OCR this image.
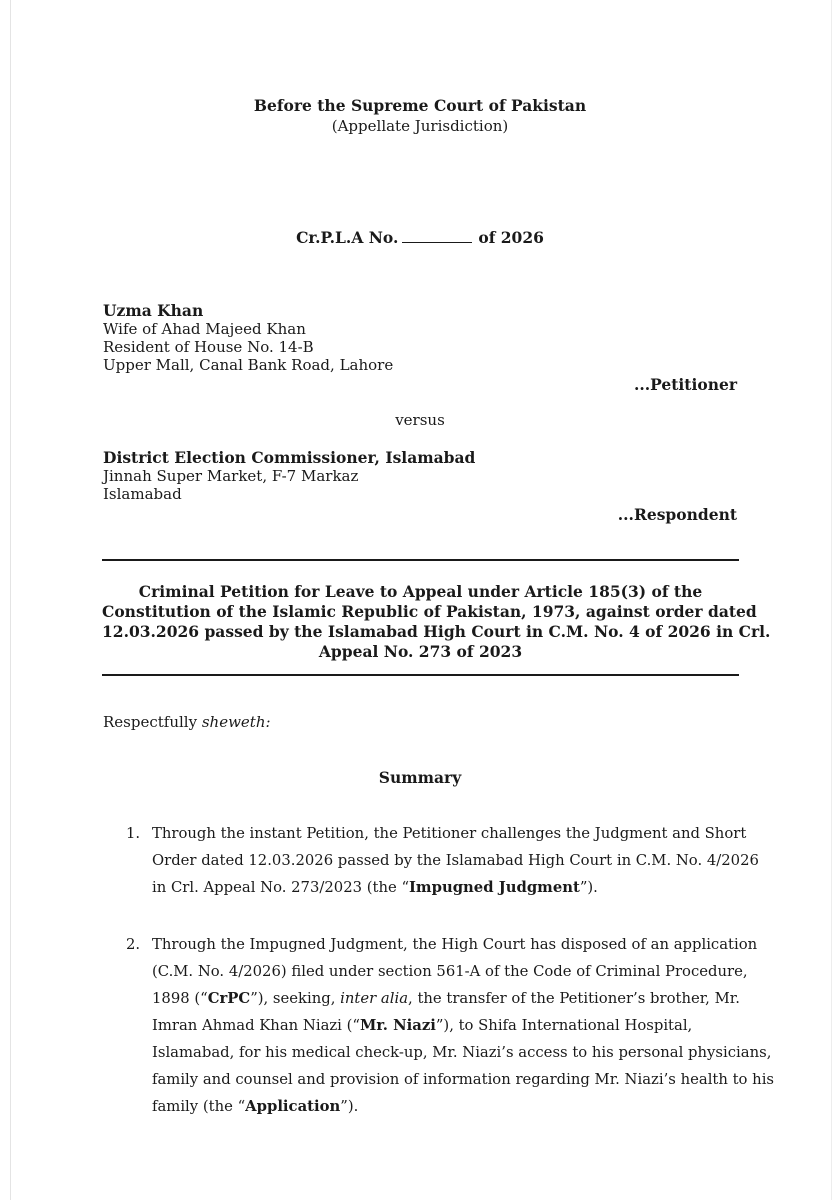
Before the Supreme Court of Pakistan
(Appellate Jurisdiction)
Cr.P.L.A No.	of 2026
Uzma Khan
Wife of Ahad Majeed Khan
Resident of House No. 14-B
Upper Mall, Canal Bank Road, Lahore
...Petitioner
versus
District Election Commissioner, Islamabad
Jinnah Super Market, F-7 Markaz
Islamabad
...Respondent
Criminal Petition for Leave to Appeal under Article 185(3) of the
Constitution of the Islamic Republic of Pakistan, 1973, against order dated
12.03.2026 passed by the Islamabad High Court in C.M. No. 4 of 2026 in Crl.
Appeal No. 273 of 2023
Respectfully sheweth:
Summary
1. Through the instant Petition, the Petitioner challenges the Judgment and Short
Order dated 12.03.2026 passed by the Islamabad High Court in C.M. No. 4/2026
in Crl. Appeal No. 273/2023 (the “Impugned Judgment”).
2. Through the Impugned Judgment, the High Court has disposed of an application
(C.M. No. 4/2026) filed under section 561-A of the Code of Criminal Procedure,
1898 (“CrPC”), seeking, inter alia, the transfer of the Petitioner’s brother, Mr.
Imran Ahmad Khan Niazi (“Mr. Niazi”), to Shifa International Hospital,
Islamabad, for his medical check-up, Mr. Niazi’s access to his personal physicians,
family and counsel and provision of information regarding Mr. Niazi’s health to his
family (the “Application”).
